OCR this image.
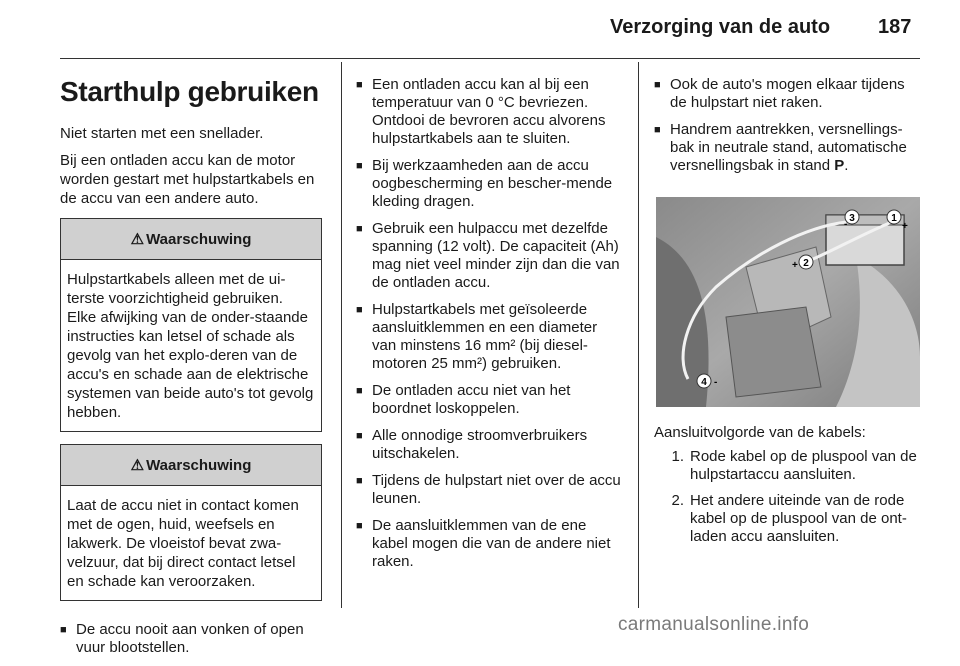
Verzorging van de auto 187
Starthulp gebruiken

Niet starten met een snellader.

Bij een ontladen accu kan de motor worden gestart met hulpstartkabels en de accu van een andere auto.

⚠ Waarschuwing
Hulpstartkabels alleen met de ui-terste voorzichtigheid gebruiken. Elke afwijking van de onder-staande instructies kan letsel of schade als gevolg van het explo-deren van de accu's en schade aan de elektrische systemen van beide auto's tot gevolg hebben.
⚠ Waarschuwing
Laat de accu niet in contact komen met de ogen, huid, weefsels en lakwerk. De vloeistof bevat zwa-velzuur, dat bij direct contact letsel en schade kan veroorzaken.
■ De accu nooit aan vonken of open vuur blootstellen.
■ Een ontladen accu kan al bij een temperatuur van 0 °C bevriezen. Ontdooi de bevroren accu alvorens hulpstartkabels aan te sluiten.
■ Bij werkzaamheden aan de accu oogbescherming en bescher-mende kleding dragen.
■ Gebruik een hulpaccu met dezelfde spanning (12 volt). De capaciteit (Ah) mag niet veel minder zijn dan die van de ontladen accu.
■ Hulpstartkabels met geïsoleerde aansluitklemmen en een diameter van minstens 16 mm² (bij diesel-motoren 25 mm²) gebruiken.
■ De ontladen accu niet van het boordnet loskoppelen.
■ Alle onnodige stroomverbruikers uitschakelen.
■ Tijdens de hulpstart niet over de accu leunen.
■ De aansluitklemmen van de ene kabel mogen die van de andere niet raken.
■ Ook de auto's mogen elkaar tijdens de hulpstart niet raken.
■ Handrem aantrekken, versnellings-bak in neutrale stand, automatische versnellingsbak in stand P.
3
-
1
+
2
+
4 -
Aansluitvolgorde van de kabels:
1. Rode kabel op de pluspool van de hulpstartaccu aansluiten.
2. Het andere uiteinde van de rode kabel op de pluspool van de ont-laden accu aansluiten.
carmanualsonline.info
